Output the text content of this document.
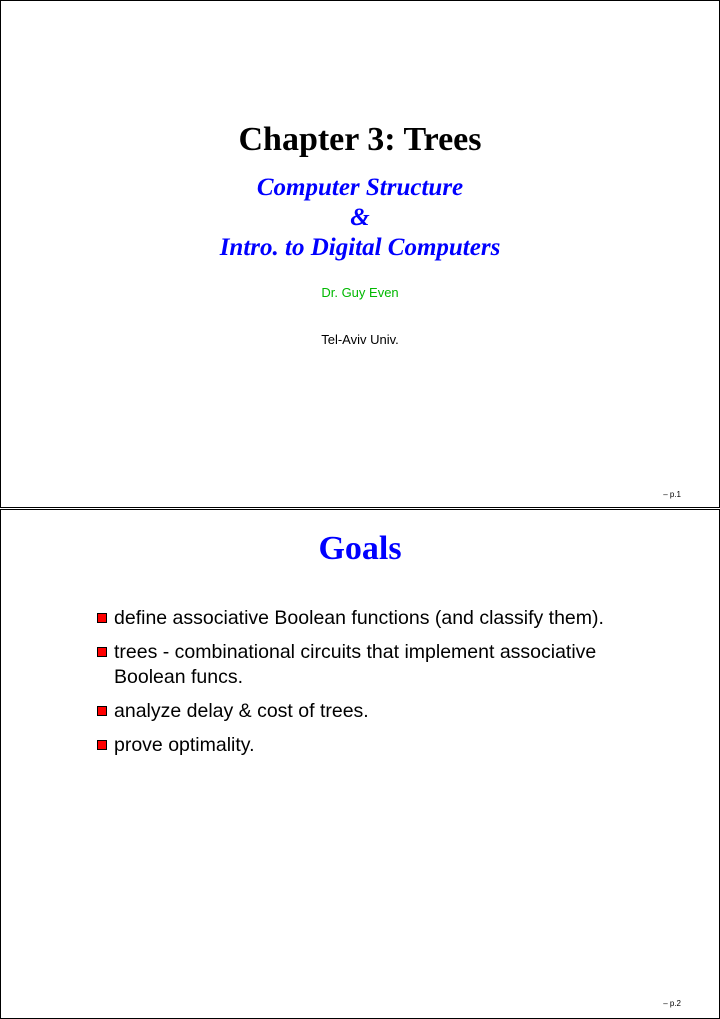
Chapter 3: Trees
Computer Structure
&
Intro. to Digital Computers
Dr. Guy Even
Tel-Aviv Univ.
– p.1
Goals
define associative Boolean functions (and classify them).
trees - combinational circuits that implement associative Boolean funcs.
analyze delay & cost of trees.
prove optimality.
– p.2
